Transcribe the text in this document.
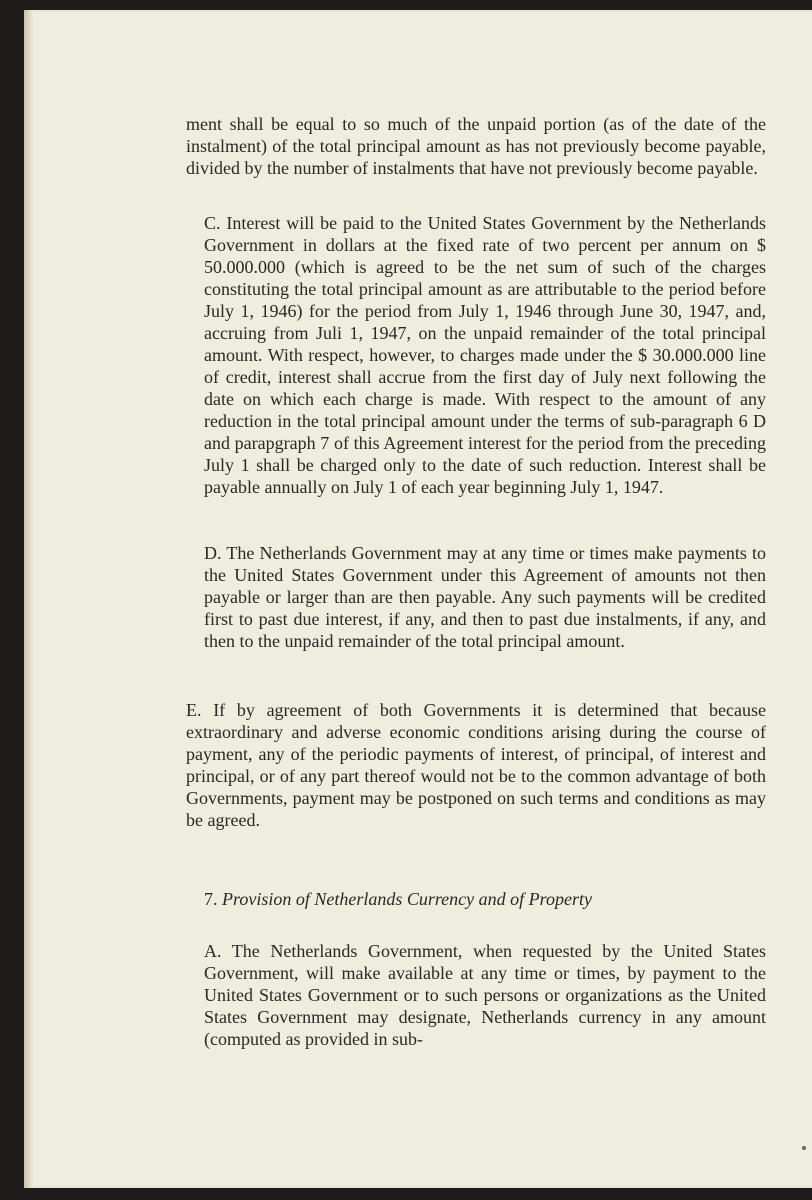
ment shall be equal to so much of the unpaid portion (as of the date of the instalment) of the total principal amount as has not previously become payable, divided by the number of instalments that have not previously become payable.

C. Interest will be paid to the United States Government by the Netherlands Government in dollars at the fixed rate of two percent per annum on $ 50.000.000 (which is agreed to be the net sum of such of the charges constituting the total principal amount as are attributable to the period before July 1, 1946) for the period from July 1, 1946 through June 30, 1947, and, accruing from Juli 1, 1947, on the unpaid remainder of the total principal amount. With respect, however, to charges made under the $ 30.000.000 line of credit, interest shall accrue from the first day of July next following the date on which each charge is made. With respect to the amount of any reduction in the total principal amount under the terms of sub-paragraph 6 D and parapgraph 7 of this Agreement interest for the period from the preceding July 1 shall be charged only to the date of such reduction. Interest shall be payable annually on July 1 of each year beginning July 1, 1947.

D. The Netherlands Government may at any time or times make payments to the United States Government under this Agreement of amounts not then payable or larger than are then payable. Any such payments will be credited first to past due interest, if any, and then to past due instalments, if any, and then to the unpaid remainder of the total principal amount.

E. If by agreement of both Governments it is determined that because extraordinary and adverse economic conditions arising during the course of payment, any of the periodic payments of interest, of principal, of interest and principal, or of any part thereof would not be to the common advantage of both Governments, payment may be postponed on such terms and conditions as may be agreed.

7. Provision of Netherlands Currency and of Property

A. The Netherlands Government, when requested by the United States Government, will make available at any time or times, by payment to the United States Government or to such persons or organizations as the United States Government may designate, Netherlands currency in any amount (computed as provided in sub-
